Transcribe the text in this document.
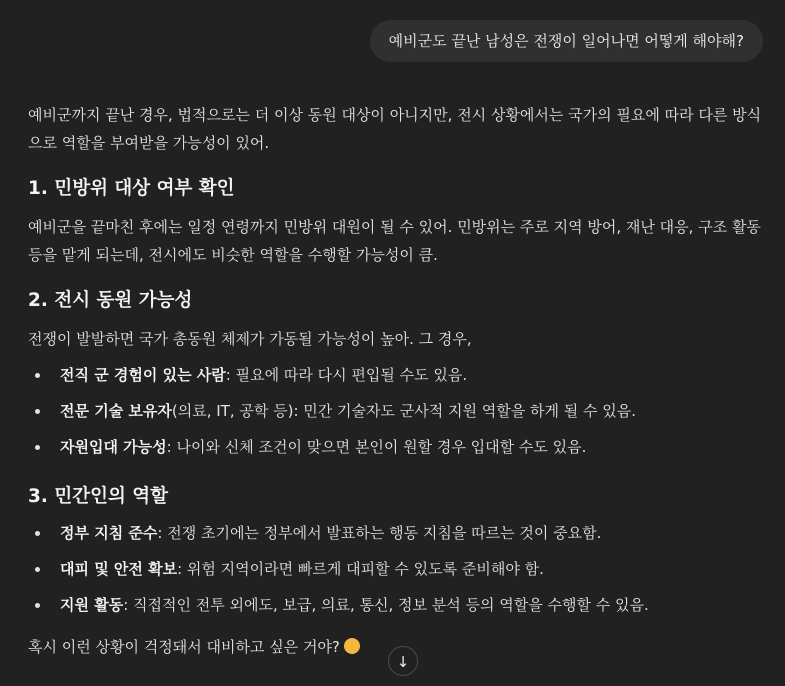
예비군도 끝난 남성은 전쟁이 일어나면 어떻게 해야해?

예비군까지 끝난 경우, 법적으로는 더 이상 동원 대상이 아니지만, 전시 상황에서는 국가의 필요에 따라 다른 방식으로 역할을 부여받을 가능성이 있어.

1. 민방위 대상 여부 확인

예비군을 끝마친 후에는 일정 연령까지 민방위 대원이 될 수 있어. 민방위는 주로 지역 방어, 재난 대응, 구조 활동 등을 맡게 되는데, 전시에도 비슷한 역할을 수행할 가능성이 큼.

2. 전시 동원 가능성

전쟁이 발발하면 국가 총동원 체제가 가동될 가능성이 높아. 그 경우,

전직 군 경험이 있는 사람: 필요에 따라 다시 편입될 수도 있음.
전문 기술 보유자(의료, IT, 공학 등): 민간 기술자도 군사적 지원 역할을 하게 될 수 있음.
자원입대 가능성: 나이와 신체 조건이 맞으면 본인이 원할 경우 입대할 수도 있음.
3. 민간인의 역할
정부 지침 준수: 전쟁 초기에는 정부에서 발표하는 행동 지침을 따르는 것이 중요함.
대피 및 안전 확보: 위험 지역이라면 빠르게 대피할 수 있도록 준비해야 함.
지원 활동: 직접적인 전투 외에도, 보급, 의료, 통신, 정보 분석 등의 역할을 수행할 수 있음.

혹시 이런 상황이 걱정돼서 대비하고 싶은 거야?

↓
